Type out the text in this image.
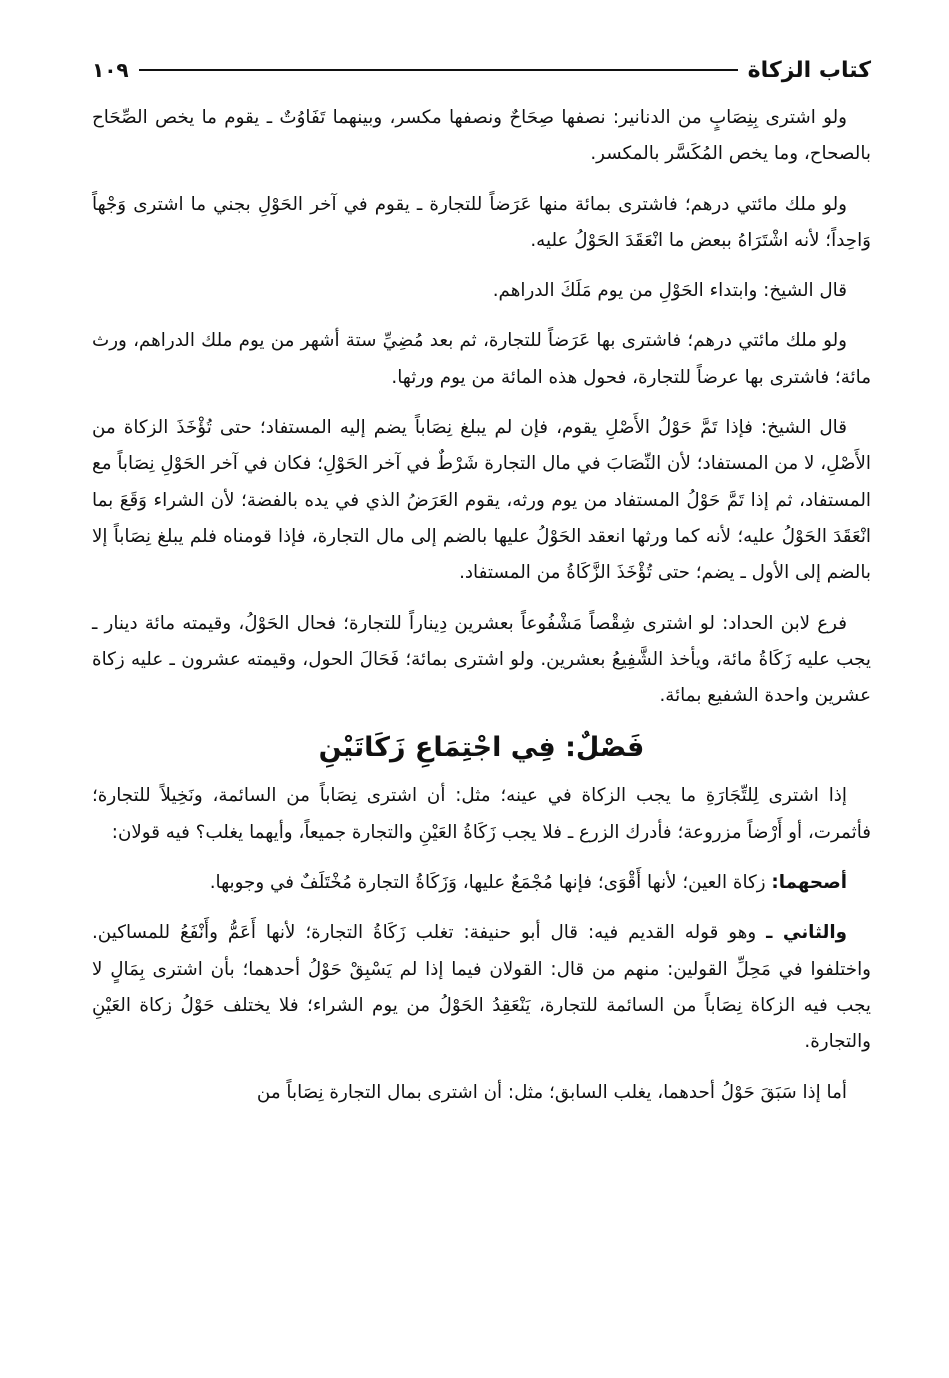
كتاب الزكاة
١٠٩

ولو اشترى بِنِصَابٍ من الدنانير: نصفها صِحَاحٌ ونصفها مكسر، وبينهما تَفَاوُتٌ ـ يقوم ما يخص الصِّحَاح بالصحاح، وما يخص المُكَسَّر بالمكسر.

ولو ملك مائتي درهم؛ فاشترى بمائة منها عَرَضاً للتجارة ـ يقوم في آخر الحَوْلِ بجني ما اشترى وَجْهاً وَاحِداً؛ لأنه اشْتَرَاهُ ببعض ما انْعَقَدَ الحَوْلُ عليه.

قال الشيخ: وابتداء الحَوْلِ من يوم مَلَكَ الدراهم.

ولو ملك مائتي درهم؛ فاشترى بها عَرَضاً للتجارة، ثم بعد مُضِيِّ ستة أشهر من يوم ملك الدراهم، ورث مائة؛ فاشترى بها عرضاً للتجارة، فحول هذه المائة من يوم ورثها.

قال الشيخ: فإذا تَمَّ حَوْلُ الأَصْلِ يقوم، فإن لم يبلغ نِصَاباً يضم إليه المستفاد؛ حتى تُؤْخَذَ الزكاة من الأَصْلِ، لا من المستفاد؛ لأن النِّصَابَ في مال التجارة شَرْطٌ في آخر الحَوْلِ؛ فكان في آخر الحَوْلِ نِصَاباً مع المستفاد، ثم إذا تَمَّ حَوْلُ المستفاد من يوم ورثه، يقوم العَرَضُ الذي في يده بالفضة؛ لأن الشراء وَقَعَ بما انْعَقَدَ الحَوْلُ عليه؛ لأنه كما ورثها انعقد الحَوْلُ عليها بالضم إلى مال التجارة، فإذا قومناه فلم يبلغ نِصَاباً إلا بالضم إلى الأول ـ يضم؛ حتى تُؤْخَذَ الزَّكَاةُ من المستفاد.

فرع لابن الحداد: لو اشترى شِقْصاً مَشْفُوعاً بعشرين دِيناراً للتجارة؛ فحال الحَوْلُ، وقيمته مائة دينار ـ يجب عليه زَكَاةُ مائة، ويأخذ الشَّفِيعُ بعشرين. ولو اشترى بمائة؛ فَحَالَ الحول، وقيمته عشرون ـ عليه زكاة عشرين واحدة الشفيع بمائة.

فَصْلٌ: فِي اجْتِمَاعِ زَكَاتَيْنِ

إذا اشترى لِلتِّجَارَةِ ما يجب الزكاة في عينه؛ مثل: أن اشترى نِصَاباً من السائمة، ونَخِيلاً للتجارة؛ فأثمرت، أو أَرْضاً مزروعة؛ فأدرك الزرع ـ فلا يجب زَكَاةُ العَيْنِ والتجارة جميعاً، وأيهما يغلب؟ فيه قولان:

أصحهما: زكاة العين؛ لأنها أَقْوَى؛ فإنها مُجْمَعٌ عليها، وَزَكَاةُ التجارة مُخْتَلَفٌ في وجوبها.

والثاني ـ وهو قوله القديم فيه: قال أبو حنيفة: تغلب زَكَاةُ التجارة؛ لأنها أَعَمُّ وأَنْفَعُ للمساكين. واختلفوا في مَحِلِّ القولين: منهم من قال: القولان فيما إذا لم يَسْبِقْ حَوْلُ أحدهما؛ بأن اشترى بِمَالٍ لا يجب فيه الزكاة نِصَاباً من السائمة للتجارة، يَنْعَقِدُ الحَوْلُ من يوم الشراء؛ فلا يختلف حَوْلُ زكاة العَيْنِ والتجارة.

أما إذا سَبَقَ حَوْلُ أحدهما، يغلب السابق؛ مثل: أن اشترى بمال التجارة نِصَاباً من
